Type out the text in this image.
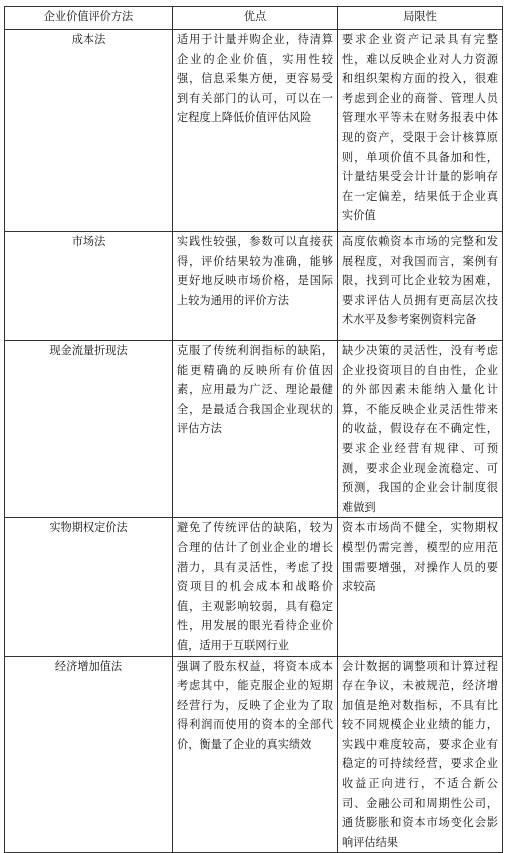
企业价值评价方法	优点	局限性
成本法	适用于计量并购企业，待清算企业的企业价值，实用性较强，信息采集方便，更容易受到有关部门的认可，可以在一定程度上降低价值评估风险	要求企业资产记录具有完整性，难以反映企业对人力资源和组织架构方面的投入，很难考虑到企业的商誉、管理人员管理水平等未在财务报表中体现的资产，受限于会计核算原则，单项价值不具备加和性，计量结果受会计计量的影响存在一定偏差，结果低于企业真实价值
市场法	实践性较强，参数可以直接获得，评价结果较为准确，能够更好地反映市场价格，是国际上较为通用的评价方法	高度依赖资本市场的完整和发展程度，对我国而言，案例有限，找到可比企业较为困难，要求评估人员拥有更高层次技术水平及参考案例资料完备
现金流量折现法	克服了传统利润指标的缺陷，能更精确的反映所有价值因素，应用最为广泛、理论最健全，是最适合我国企业现状的评估方法	缺少决策的灵活性，没有考虑企业投资项目的自由性，企业的外部因素未能纳入量化计算，不能反映企业灵活性带来的收益，假设存在不确定性，要求企业经营有规律、可预测，要求企业现金流稳定、可预测，我国的企业会计制度很难做到
实物期权定价法	避免了传统评估的缺陷，较为合理的估计了创业企业的增长潜力，具有灵活性，考虑了投资项目的机会成本和战略价值，主观影响较弱，具有稳定性，用发展的眼光看待企业价值，适用于互联网行业	资本市场尚不健全，实物期权模型仍需完善，模型的应用范围需要增强，对操作人员的要求较高
经济增加值法	强调了股东权益，将资本成本考虑其中，能克服企业的短期经营行为，反映了企业为了取得利润而使用的资本的全部代价，衡量了企业的真实绩效	会计数据的调整项和计算过程存在争议，未被规范，经济增加值是绝对数指标，不具有比较不同规模企业业绩的能力，实践中难度较高，要求企业有稳定的可持续经营，要求企业收益正向进行，不适合新公司、金融公司和周期性公司，通货膨胀和资本市场变化会影响评估结果
